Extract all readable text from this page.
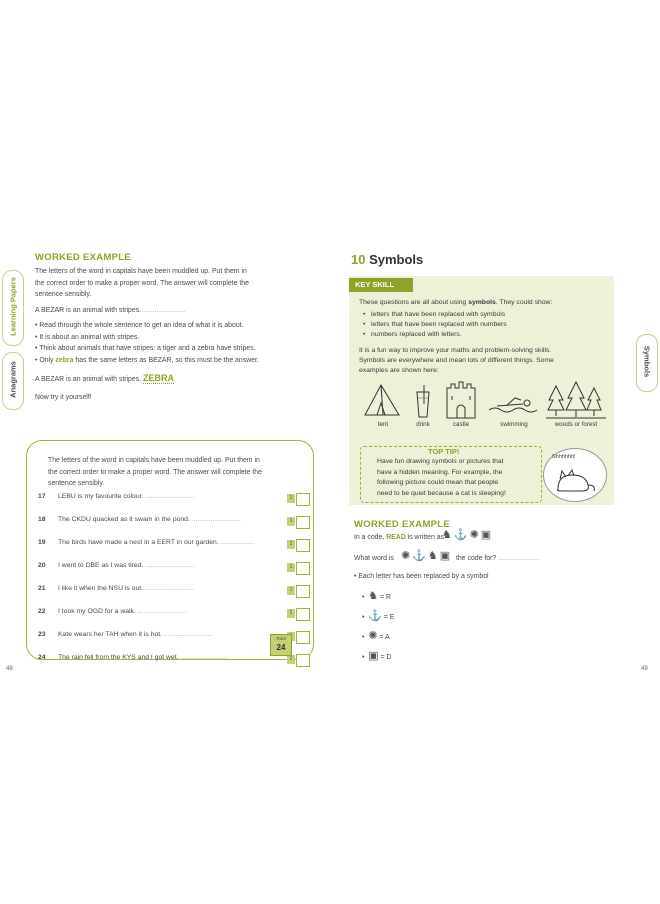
Learning Papers
Anagrams
WORKED EXAMPLE
The letters of the word in capitals have been muddled up. Put them in
the correct order to make a proper word. The answer will complete the
sentence sensibly.
A BEZAR is an animal with stripes. ......................
• Read through the whole sentence to get an idea of what it is about.
• It is about an animal with stripes.
• Think about animals that have stripes: a tiger and a zebra have stripes.
• Only zebra has the same letters as BEZAR, so this must be the answer.
A BEZAR is an animal with stripes. ZEBRA
Now try it yourself!
The letters of the word in capitals have been muddled up. Put them in
the correct order to make a proper word. The answer will complete the
sentence sensibly.
17 LEBU is my favourite colour. ..........................	1
18 The CKDU quacked as it swam in the pond. ..........................	1
19 The birds have made a nest in a EERT in our garden. ..................	1
20 I went to DBE as I was tired. ..........................	1
21 I like it when the NSU is out. ..........................	1
22 I took my OGD for a walk. ..........................	1
23 Kate wears her TAH when it is hot. ..........................
24 The rain fell from the KYS and I got wet. ..........................	1
Total
24
48
10 Symbols
KEY SKILL
These questions are all about using symbols. They could show:
•   letters that have been replaced with symbols
•   letters that have been replaced with numbers
•   numbers replaced with letters.
It is a fun way to improve your maths and problem-solving skills.
Symbols are everywhere and mean lots of different things. Some
examples are shown here:
tent	drink	castle	swimming	woods or forest
TOP TIP!
Have fun drawing symbols or pictures that
have a hidden meaning. For example, the
following picture could mean that people
need to be quiet because a cat is sleeping!
Shhhhhh!
WORKED EXAMPLE
In a code, READ is written as
♞⚓✺▣
What word is ✺⚓♞▣ the code for? ......................
• Each letter has been replaced by a symbol
•  ♞ = R
•  ⚓ = E
•  ✺ = A
•  ▣ = D
49
Symbols
